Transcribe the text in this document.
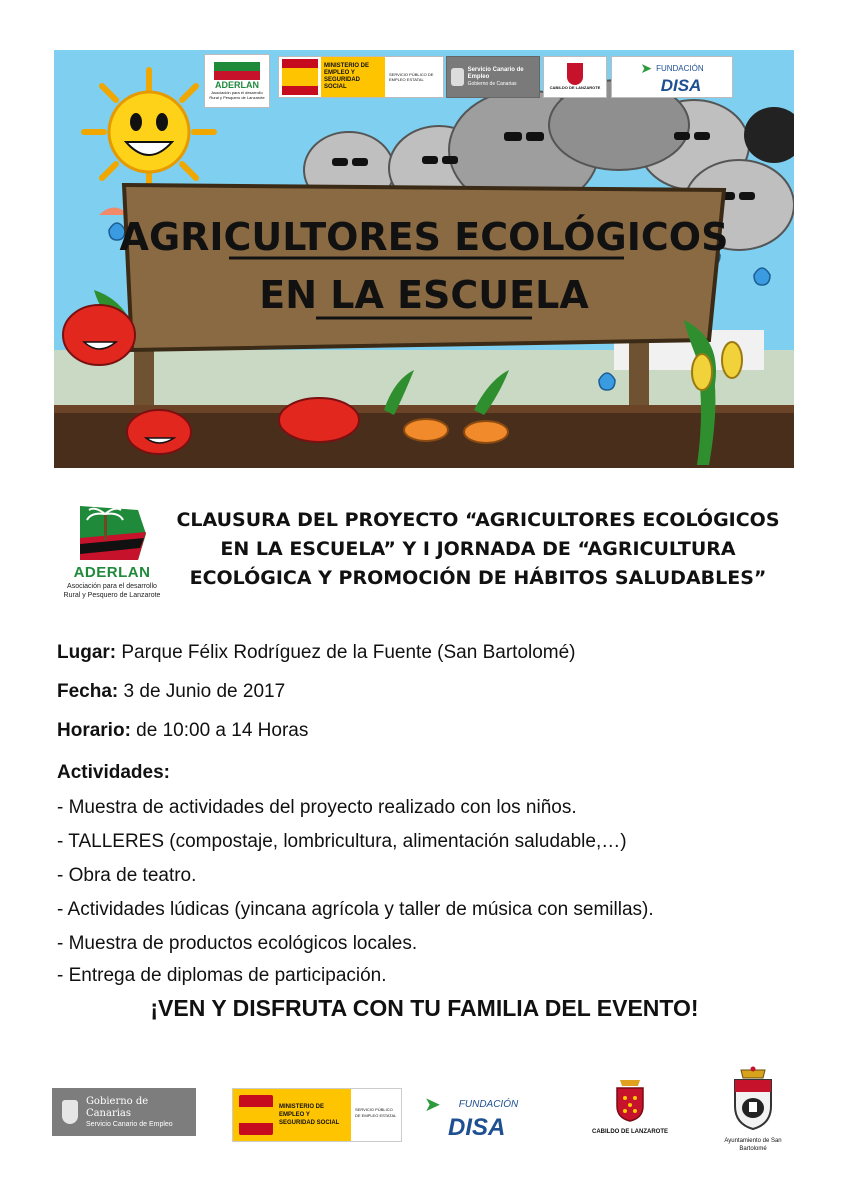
AGRICULTORES ECOLÓGICOS
EN LA ESCUELA
ADERLAN
Asociación para el desarrollo Rural y Pesquero de Lanzarote
MINISTERIO DE EMPLEO Y SEGURIDAD SOCIAL
SERVICIO PÚBLICO DE EMPLEO ESTATAL
Servicio Canario de Empleo
Gobierno de Canarias
CABILDO DE LANZAROTE
➤ FUNDACIÓN
DISA
ADERLAN
Asociación para el desarrollo
Rural y Pesquero de Lanzarote
CLAUSURA DEL PROYECTO “AGRICULTORES ECOLÓGICOS
EN LA ESCUELA” Y I JORNADA DE “AGRICULTURA
ECOLÓGICA Y PROMOCIÓN DE HÁBITOS SALUDABLES”
Lugar: Parque Félix Rodríguez de la Fuente (San Bartolomé)
Fecha: 3 de Junio de 2017
Horario: de 10:00 a 14 Horas
Actividades:
- Muestra de actividades del proyecto realizado con los niños.
- TALLERES (compostaje, lombricultura, alimentación saludable,…)
- Obra de teatro.
- Actividades lúdicas (yincana agrícola y taller de música con semillas).
- Muestra de productos ecológicos locales.
- Entrega de diplomas de participación.
¡VEN Y DISFRUTA CON TU FAMILIA DEL EVENTO!
Gobierno de Canarias
Servicio Canario de Empleo
MINISTERIO DE EMPLEO Y SEGURIDAD SOCIAL
SERVICIO PÚBLICO DE EMPLEO ESTATAL ➤ FUNDACIÓN
DISA	CABILDO DE LANZAROTE
Ayuntamiento de San Bartolomé
